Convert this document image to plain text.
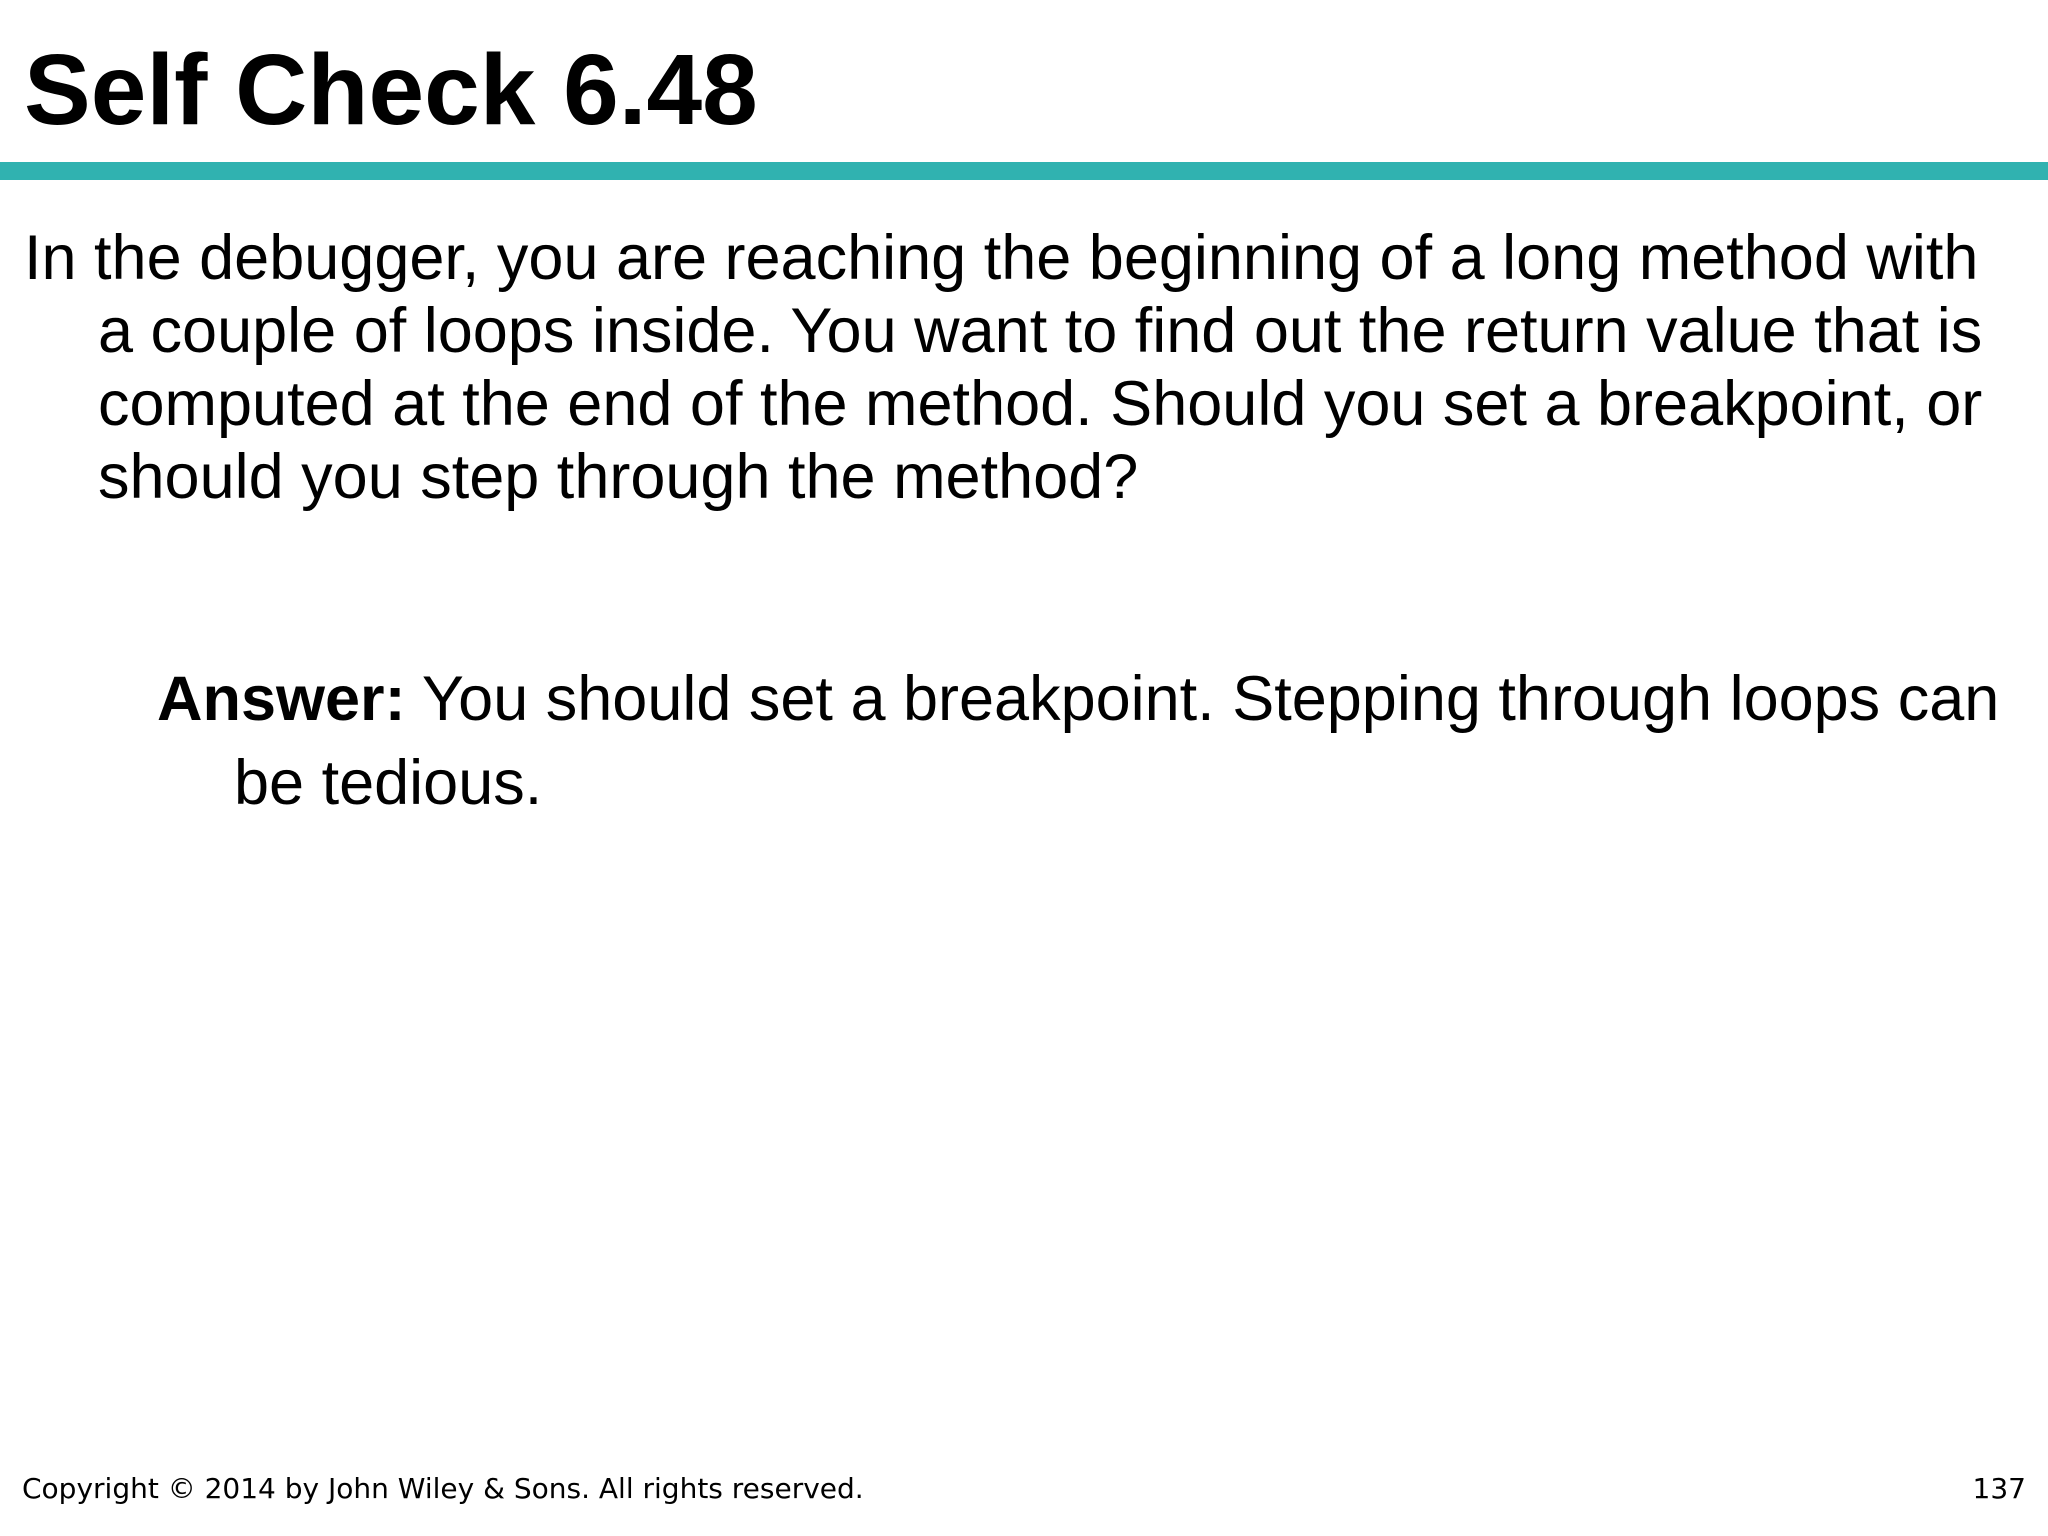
Self Check 6.48

In the debugger, you are reaching the beginning of a long method with a couple of loops inside. You want to find out the return value that is computed at the end of the method. Should you set a breakpoint, or should you step through the method?

Answer: You should set a breakpoint. Stepping through loops can be tedious.

Copyright © 2014 by John Wiley & Sons. All rights reserved.	137
